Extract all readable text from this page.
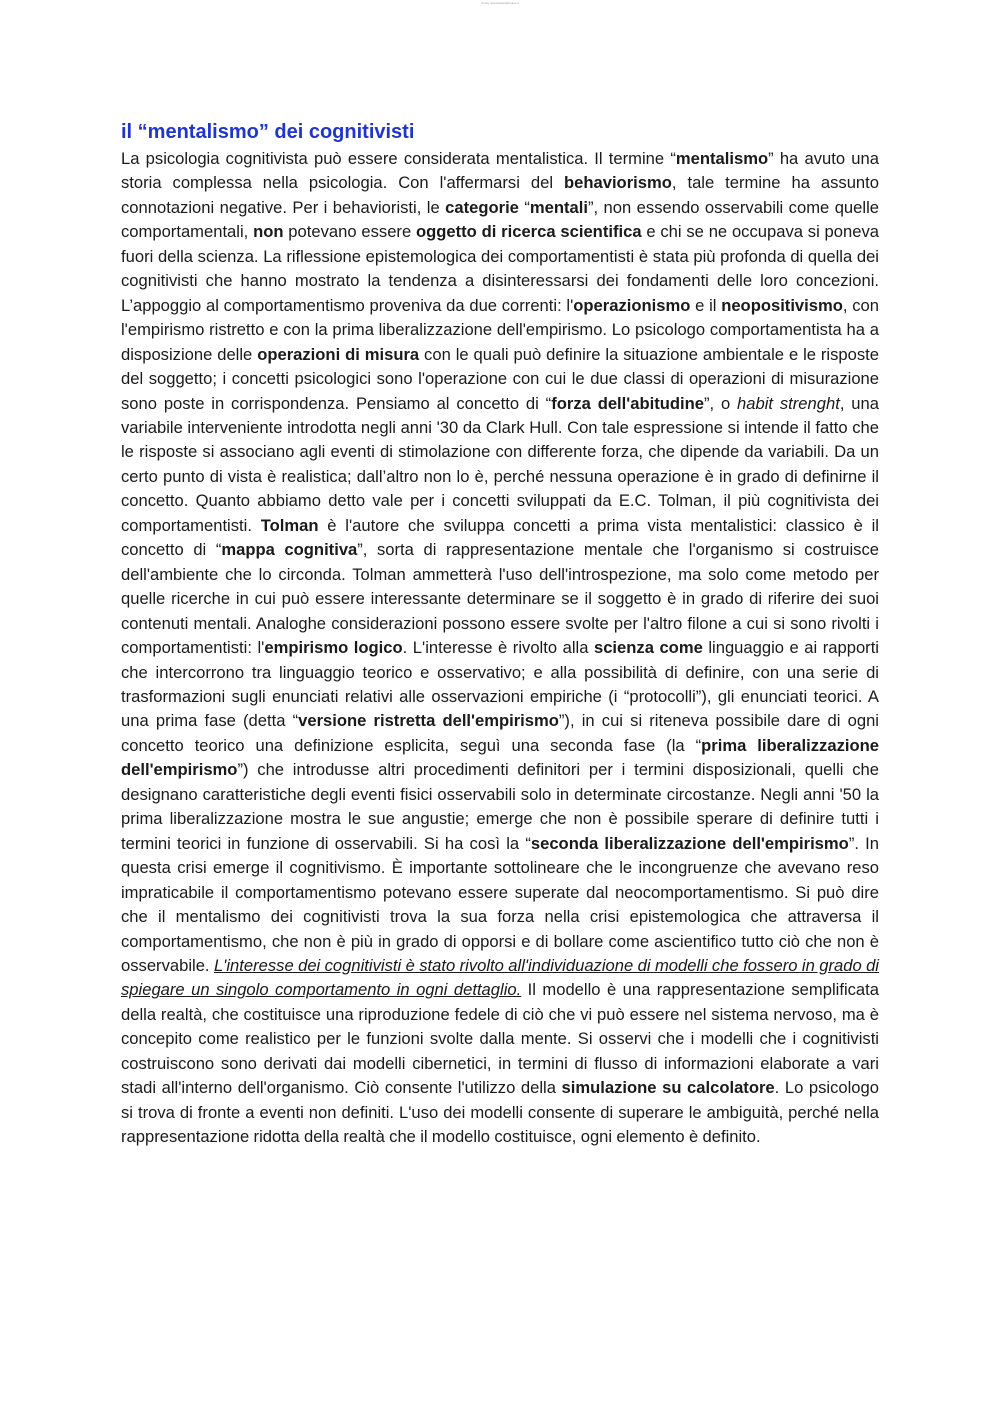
Fonte: ilcentroaccademico.it
il “mentalismo” dei cognitivisti

La psicologia cognitivista può essere considerata mentalistica. Il termine “mentalismo” ha avuto una storia complessa nella psicologia. Con l'affermarsi del behaviorismo, tale termine ha assunto connotazioni negative. Per i behavioristi, le categorie “mentali”, non essendo osservabili come quelle comportamentali, non potevano essere oggetto di ricerca scientifica e chi se ne occupava si poneva fuori della scienza. La riflessione epistemologica dei comportamentisti è stata più profonda di quella dei cognitivisti che hanno mostrato la tendenza a disinteressarsi dei fondamenti delle loro concezioni. L’appoggio al comportamentismo proveniva da due correnti: l'operazionismo e il neopositivismo, con l'empirismo ristretto e con la prima liberalizzazione dell'empirismo. Lo psicologo comportamentista ha a disposizione delle operazioni di misura con le quali può definire la situazione ambientale e le risposte del soggetto; i concetti psicologici sono l'operazione con cui le due classi di operazioni di misurazione sono poste in corrispondenza. Pensiamo al concetto di “forza dell'abitudine”, o habit strenght, una variabile interveniente introdotta negli anni '30 da Clark Hull. Con tale espressione si intende il fatto che le risposte si associano agli eventi di stimolazione con differente forza, che dipende da variabili. Da un certo punto di vista è realistica; dall’altro non lo è, perché nessuna operazione è in grado di definirne il concetto. Quanto abbiamo detto vale per i concetti sviluppati da E.C. Tolman, il più cognitivista dei comportamentisti. Tolman è l'autore che sviluppa concetti a prima vista mentalistici: classico è il concetto di “mappa cognitiva”, sorta di rappresentazione mentale che l'organismo si costruisce dell'ambiente che lo circonda. Tolman ammetterà l'uso dell'introspezione, ma solo come metodo per quelle ricerche in cui può essere interessante determinare se il soggetto è in grado di riferire dei suoi contenuti mentali. Analoghe considerazioni possono essere svolte per l'altro filone a cui si sono rivolti i comportamentisti: l'empirismo logico. L'interesse è rivolto alla scienza come linguaggio e ai rapporti che intercorrono tra linguaggio teorico e osservativo; e alla possibilità di definire, con una serie di trasformazioni sugli enunciati relativi alle osservazioni empiriche (i “protocolli”), gli enunciati teorici. A una prima fase (detta “versione ristretta dell'empirismo”), in cui si riteneva possibile dare di ogni concetto teorico una definizione esplicita, seguì una seconda fase (la “prima liberalizzazione dell'empirismo”) che introdusse altri procedimenti definitori per i termini disposizionali, quelli che designano caratteristiche degli eventi fisici osservabili solo in determinate circostanze. Negli anni '50 la prima liberalizzazione mostra le sue angustie; emerge che non è possibile sperare di definire tutti i termini teorici in funzione di osservabili. Si ha così la “seconda liberalizzazione dell'empirismo”. In questa crisi emerge il cognitivismo. È importante sottolineare che le incongruenze che avevano reso impraticabile il comportamentismo potevano essere superate dal neocomportamentismo. Si può dire che il mentalismo dei cognitivisti trova la sua forza nella crisi epistemologica che attraversa il comportamentismo, che non è più in grado di opporsi e di bollare come ascientifico tutto ciò che non è osservabile. L'interesse dei cognitivisti è stato rivolto all'individuazione di modelli che fossero in grado di spiegare un singolo comportamento in ogni dettaglio. Il modello è una rappresentazione semplificata della realtà, che costituisce una riproduzione fedele di ciò che vi può essere nel sistema nervoso, ma è concepito come realistico per le funzioni svolte dalla mente. Si osservi che i modelli che i cognitivisti costruiscono sono derivati dai modelli cibernetici, in termini di flusso di informazioni elaborate a vari stadi all'interno dell'organismo. Ciò consente l'utilizzo della simulazione su calcolatore. Lo psicologo si trova di fronte a eventi non definiti. L'uso dei modelli consente di superare le ambiguità, perché nella rappresentazione ridotta della realtà che il modello costituisce, ogni elemento è definito.
